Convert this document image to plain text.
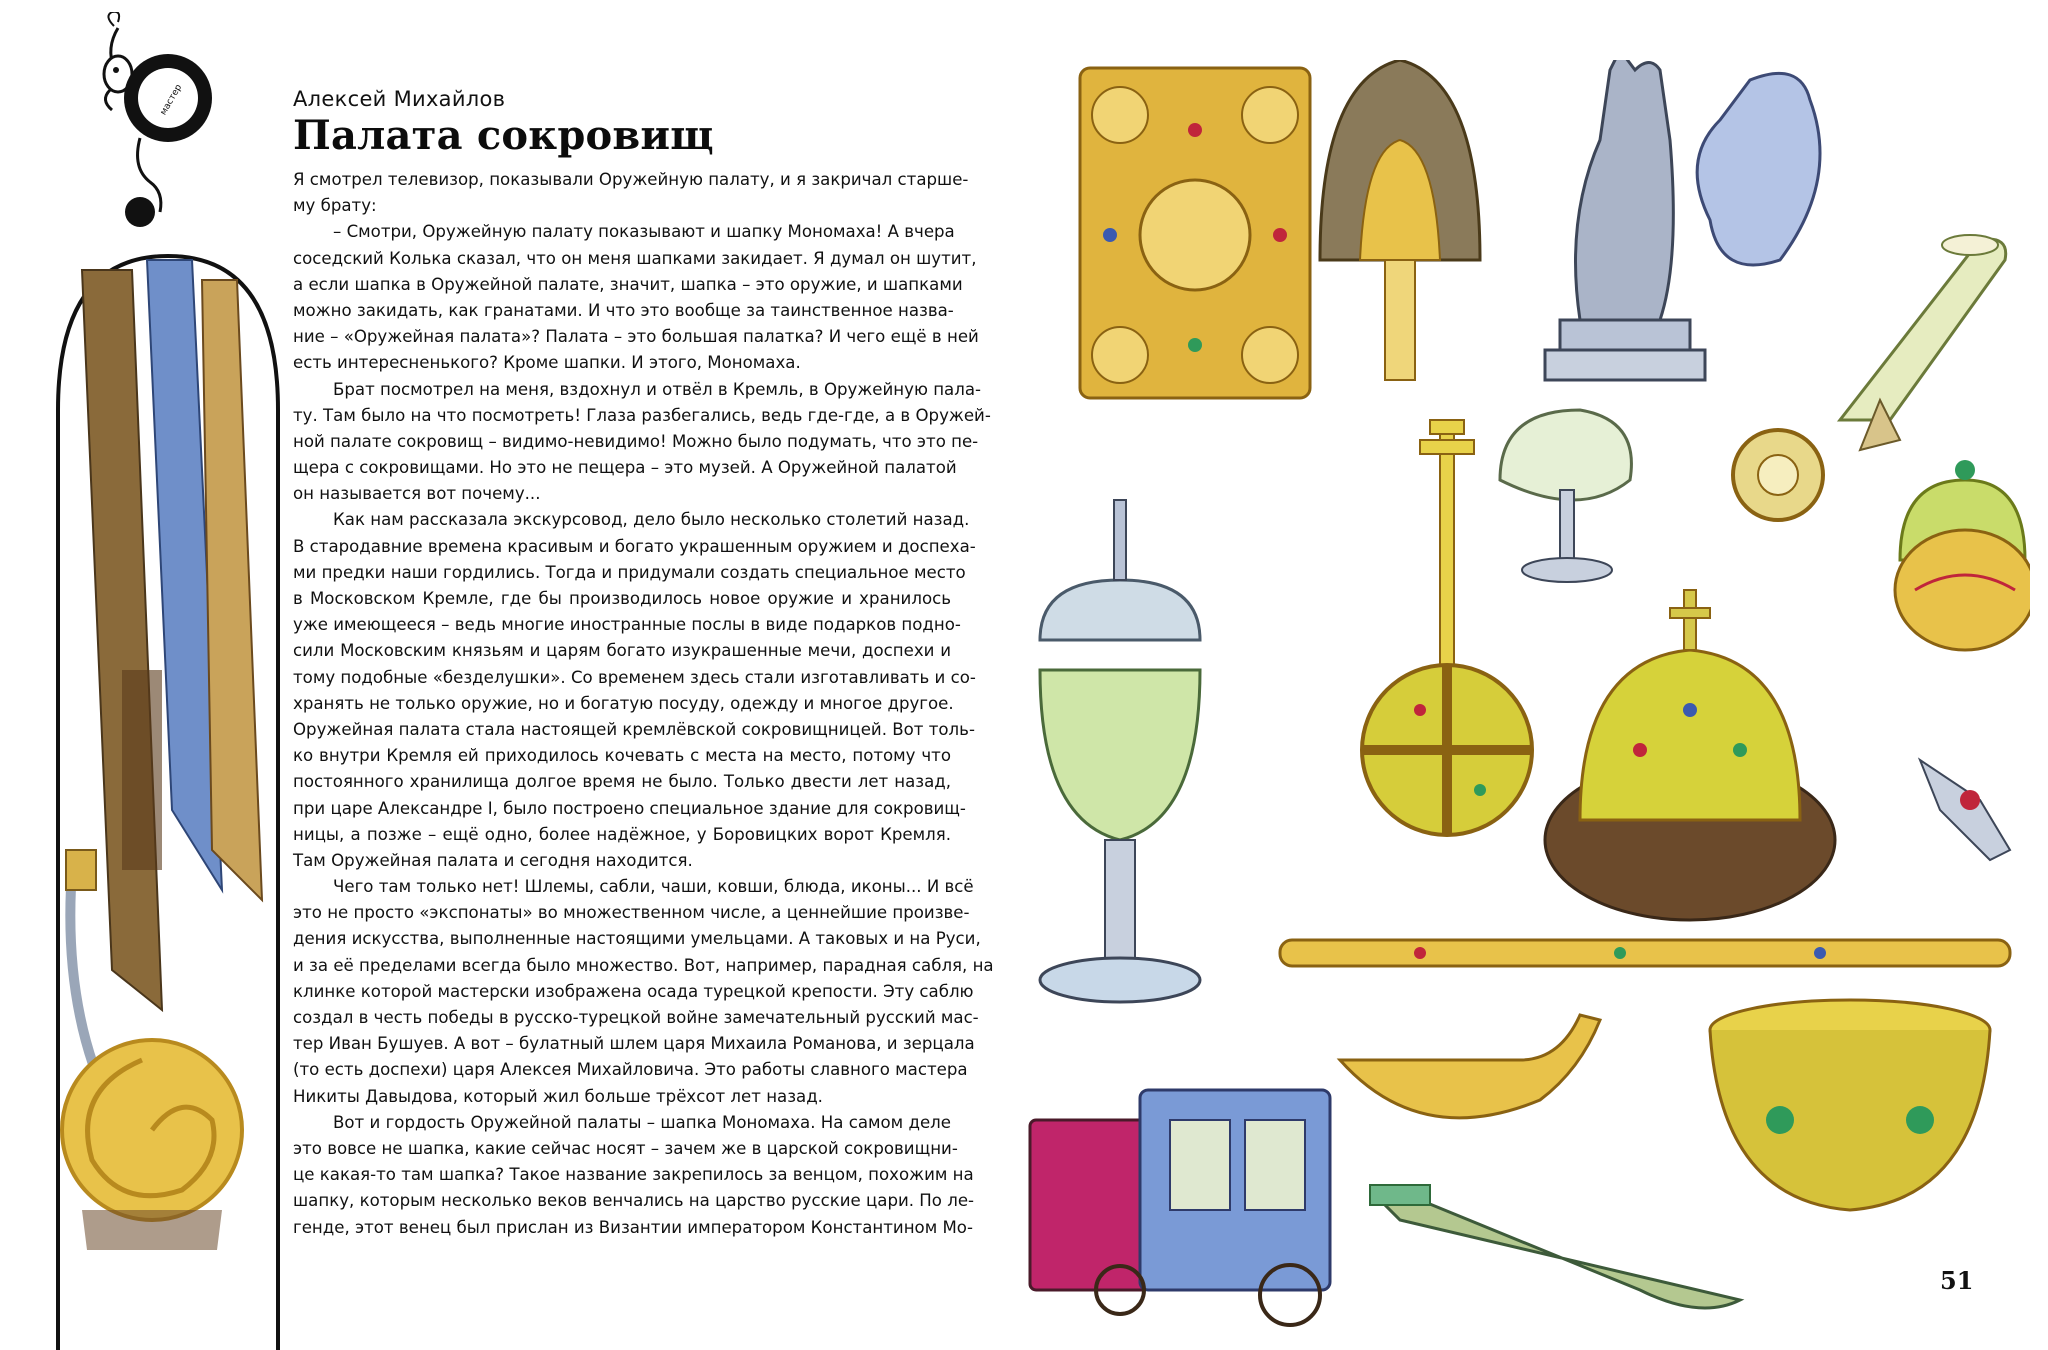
мастер	Алексей Михайлов
Палата сокровищ
Я смотрел телевизор, показывали Оружейную палату, и я закричал старше-
му брату:
– Смотри, Оружейную палату показывают и шапку Мономаха! А вчера
соседский Колька сказал, что он меня шапками закидает. Я думал он шутит,
а если шапка в Оружейной палате, значит, шапка – это оружие, и шапками
можно закидать, как гранатами. И что это вообще за таинственное назва-
ние – «Оружейная палата»? Палата – это большая палатка? И чего ещё в ней
есть интересненького? Кроме шапки. И этого, Мономаха.
Брат посмотрел на меня, вздохнул и отвёл в Кремль, в Оружейную пала-
ту. Там было на что посмотреть! Глаза разбегались, ведь где-где, а в Оружей-
ной палате сокровищ – видимо-невидимо! Можно было подумать, что это пе-
щера с сокровищами. Но это не пещера – это музей. А Оружейной палатой
он называется вот почему...
Как нам рассказала экскурсовод, дело было несколько столетий назад.
В стародавние времена красивым и богато украшенным оружием и доспеха-
ми предки наши гордились. Тогда и придумали создать специальное место
в Московском Кремле, где бы производилось новое оружие и хранилось
уже имеющееся – ведь многие иностранные послы в виде подарков подно-
сили Московским князьям и царям богато изукрашенные мечи, доспехи и
тому подобные «безделушки». Со временем здесь стали изготавливать и со-
хранять не только оружие, но и богатую посуду, одежду и многое другое.
Оружейная палата стала настоящей кремлёвской сокровищницей. Вот толь-
ко внутри Кремля ей приходилось кочевать с места на место, потому что
постоянного хранилища долгое время не было. Только двести лет назад,
при царе Александре I, было построено специальное здание для сокровищ-
ницы, а позже – ещё одно, более надёжное, у Боровицких ворот Кремля.
Там Оружейная палата и сегодня находится.
Чего там только нет! Шлемы, сабли, чаши, ковши, блюда, иконы... И всё
это не просто «экспонаты» во множественном числе, а ценнейшие произве-
дения искусства, выполненные настоящими умельцами. А таковых и на Руси,
и за её пределами всегда было множество. Вот, например, парадная сабля, на
клинке которой мастерски изображена осада турецкой крепости. Эту саблю
создал в честь победы в русско-турецкой войне замечательный русский мас-
тер Иван Бушуев. А вот – булатный шлем царя Михаила Романова, и зерцала
(то есть доспехи) царя Алексея Михайловича. Это работы славного мастера
Никиты Давыдова, который жил больше трёхсот лет назад.
Вот и гордость Оружейной палаты – шапка Мономаха. На самом деле
это вовсе не шапка, какие сейчас носят – зачем же в царской сокровищни-
це какая-то там шапка? Такое название закрепилось за венцом, похожим на
шапку, которым несколько веков венчались на царство русские цари. По ле-
генде, этот венец был прислан из Византии императором Константином Мо-
51
